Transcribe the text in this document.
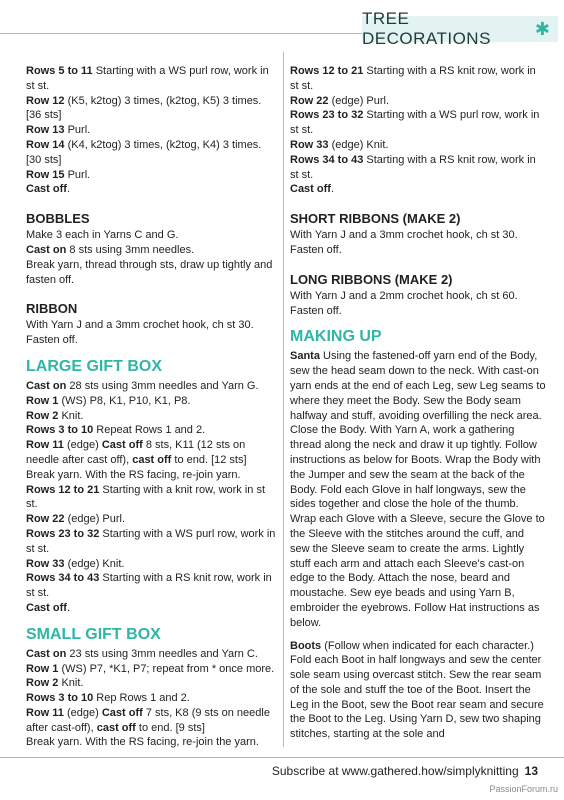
TREE DECORATIONS	✱

Rows 5 to 11 Starting with a WS purl row, work in st st.

Row 12 (K5, k2tog) 3 times, (k2tog, K5) 3 times. [36 sts]

Row 13 Purl.

Row 14 (K4, k2tog) 3 times, (k2tog, K4) 3 times. [30 sts]

Row 15 Purl.

Cast off.

BOBBLES

Make 3 each in Yarns C and G.

Cast on 8 sts using 3mm needles.

Break yarn, thread through sts, draw up tightly and fasten off.

RIBBON

With Yarn J and a 3mm crochet hook, ch st 30. Fasten off.

LARGE GIFT BOX

Cast on 28 sts using 3mm needles and Yarn G.

Row 1 (WS) P8, K1, P10, K1, P8.

Row 2 Knit.

Rows 3 to 10 Repeat Rows 1 and 2.

Row 11 (edge) Cast off 8 sts, K11 (12 sts on needle after cast off), cast off to end. [12 sts]

Break yarn. With the RS facing, re-join yarn.

Rows 12 to 21 Starting with a knit row, work in st st.

Row 22 (edge) Purl.

Rows 23 to 32 Starting with a WS purl row, work in st st.

Row 33 (edge) Knit.

Rows 34 to 43 Starting with a RS knit row, work in st st.

Cast off.

SMALL GIFT BOX

Cast on 23 sts using 3mm needles and Yarn C.

Row 1 (WS) P7, *K1, P7; repeat from * once more.

Row 2 Knit.

Rows 3 to 10 Rep Rows 1 and 2.

Row 11 (edge) Cast off 7 sts, K8 (9 sts on needle after cast-off), cast off to end. [9 sts]

Break yarn. With the RS facing, re-join the yarn.

Rows 12 to 21 Starting with a RS knit row, work in st st.

Row 22 (edge) Purl.

Rows 23 to 32 Starting with a WS purl row, work in st st.

Row 33 (edge) Knit.

Rows 34 to 43 Starting with a RS knit row, work in st st.

Cast off.

SHORT RIBBONS (MAKE 2)

With Yarn J and a 3mm crochet hook, ch st 30. Fasten off.

LONG RIBBONS (MAKE 2)

With Yarn J and a 2mm crochet hook, ch st 60. Fasten off.

MAKING UP

Santa Using the fastened-off yarn end of the Body, sew the head seam down to the neck. With cast-on yarn ends at the end of each Leg, sew Leg seams to where they meet the Body. Sew the Body seam halfway and stuff, avoiding overfilling the neck area. Close the Body. With Yarn A, work a gathering thread along the neck and draw it up tightly. Follow instructions as below for Boots. Wrap the Body with the Jumper and sew the seam at the back of the Body. Fold each Glove in half longways, sew the sides together and close the hole of the thumb. Wrap each Glove with a Sleeve, secure the Glove to the Sleeve with the stitches around the cuff, and sew the Sleeve seam to create the arms. Lightly stuff each arm and attach each Sleeve's cast-on edge to the Body. Attach the nose, beard and moustache. Sew eye beads and using Yarn B, embroider the eyebrows. Follow Hat instructions as below.

Boots (Follow when indicated for each character.) Fold each Boot in half longways and sew the center sole seam using overcast stitch. Sew the rear seam of the sole and stuff the toe of the Boot. Insert the Leg in the Boot, sew the Boot rear seam and secure the Boot to the Leg. Using Yarn D, sew two shaping stitches, starting at the sole and

Subscribe at www.gathered.how/simplyknitting 13
PassionForum.ru
